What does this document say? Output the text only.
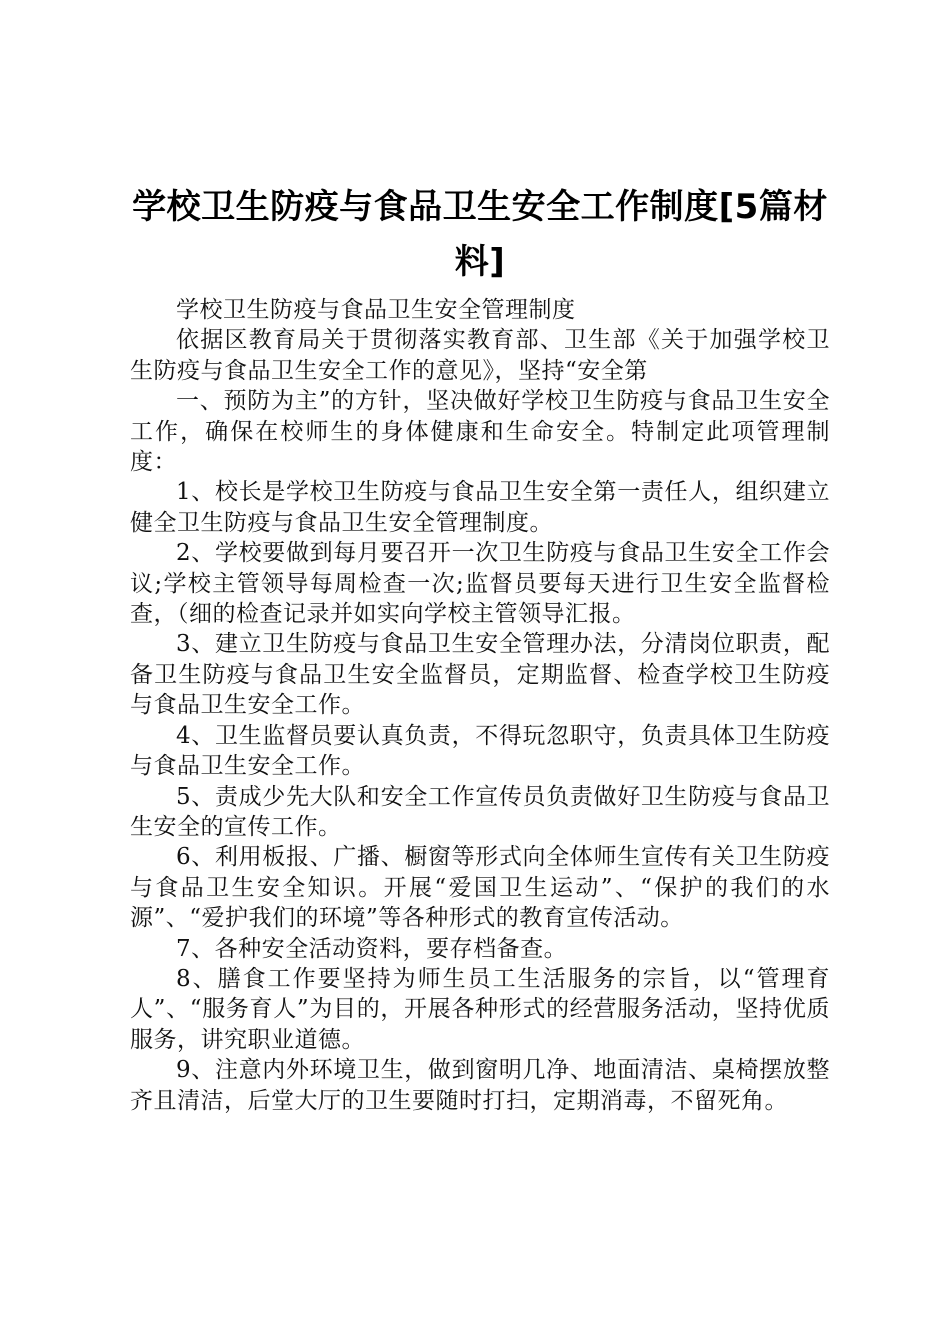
学校卫生防疫与食品卫生安全工作制度[5篇材料]

学校卫生防疫与食品卫生安全管理制度

依据区教育局关于贯彻落实教育部、卫生部《关于加强学校卫生防疫与食品卫生安全工作的意见》，坚持“安全第

一、预防为主”的方针，坚决做好学校卫生防疫与食品卫生安全工作，确保在校师生的身体健康和生命安全。特制定此项管理制度：

1、校长是学校卫生防疫与食品卫生安全第一责任人，组织建立健全卫生防疫与食品卫生安全管理制度。

2、学校要做到每月要召开一次卫生防疫与食品卫生安全工作会议;学校主管领导每周检查一次;监督员要每天进行卫生安全监督检查，（细的检查记录并如实向学校主管领导汇报。

3、建立卫生防疫与食品卫生安全管理办法，分清岗位职责，配备卫生防疫与食品卫生安全监督员，定期监督、检查学校卫生防疫与食品卫生安全工作。

4、卫生监督员要认真负责，不得玩忽职守，负责具体卫生防疫与食品卫生安全工作。

5、责成少先大队和安全工作宣传员负责做好卫生防疫与食品卫生安全的宣传工作。

6、利用板报、广播、橱窗等形式向全体师生宣传有关卫生防疫与食品卫生安全知识。开展“爱国卫生运动”、“保护的我们的水源”、“爱护我们的环境”等各种形式的教育宣传活动。

7、各种安全活动资料，要存档备查。

8、膳食工作要坚持为师生员工生活服务的宗旨，以“管理育人”、“服务育人”为目的，开展各种形式的经营服务活动，坚持优质服务，讲究职业道德。

9、注意内外环境卫生，做到窗明几净、地面清洁、桌椅摆放整齐且清洁，后堂大厅的卫生要随时打扫，定期消毒，不留死角。
